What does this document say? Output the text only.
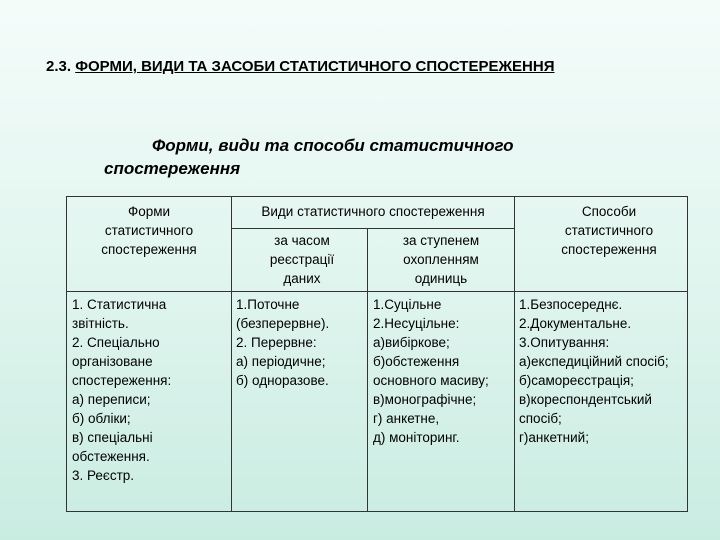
2.3. ФОРМИ, ВИДИ ТА ЗАСОБИ СТАТИСТИЧНОГО СПОСТЕРЕЖЕННЯ
Форми, види та способи статистичного спостереження
Форми статистичного спостереження
Види статистичного спостереження
за часом реєстрації даних
за ступенем охопленням одиниць
Способи статистичного спостереження
1. Статистична звітність.
2. Спеціально організоване спостереження:
а) переписи;
б) обліки;
в) спеціальні обстеження.
3. Реєстр.
1.Поточне (безперервне).
2. Перервне:
а) періодичне;
б) одноразове.
1.Суцільне
2.Несуцільне:
а)вибіркове;
б)обстеження основного масиву;
в)монографічне;
г) анкетне,
д) моніторинг.
1.Безпосереднє.
2.Документальне.
3.Опитування:
а)експедиційний спосіб;
б)самореєстрація;
в)кореспондентський спосіб;
г)анкетний;
